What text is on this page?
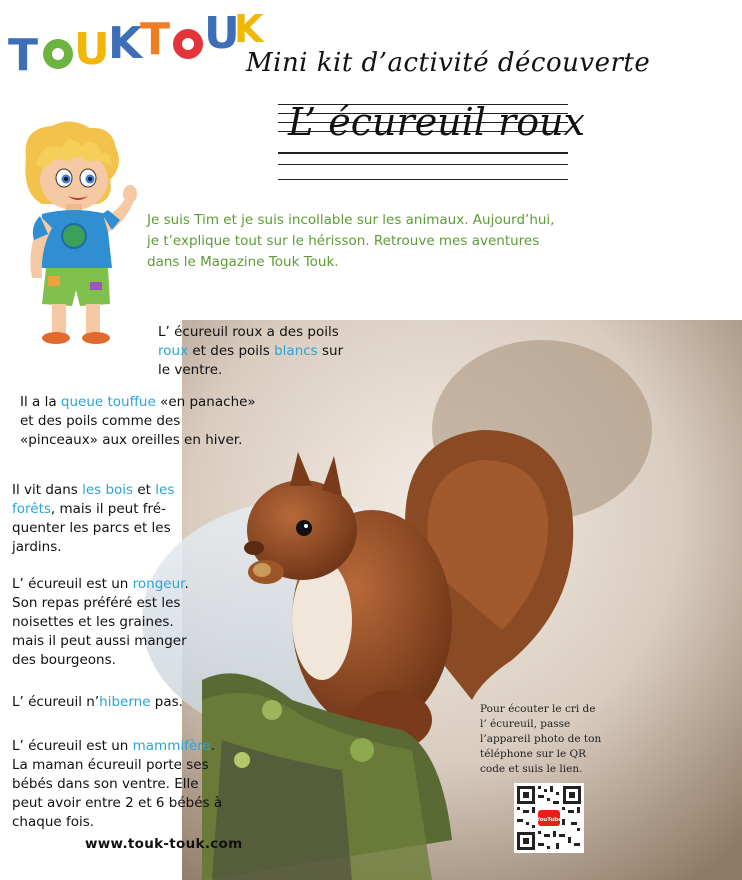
T U
K
T U
K
Mini kit d’activité découverte
L’ écureuil roux
Je suis Tim et je suis incollable sur les animaux. Aujourd’hui,
je t’explique tout sur le hérisson. Retrouve mes aventures
dans le Magazine Touk Touk.
L’ écureuil roux a des poils
roux et des poils blancs sur
le ventre.
Il a la queue touffue «en panache»
et des poils comme des
«pinceaux» aux oreilles en hiver.
Il vit dans les bois et les
forêts, mais il peut fré-
quenter les parcs et les
jardins.
L’ écureuil est un rongeur.
Son repas préféré est les
noisettes et les graines.
mais il peut aussi manger
des bourgeons.
L’ écureuil n’hiberne pas.
L’ écureuil est un mammifère.
La maman écureuil porte ses
bébés dans son ventre. Elle
peut avoir entre 2 et 6 bébés à
chaque fois.
Pour écouter le cri de
l’ écureuil, passe
l’appareil photo de ton
téléphone sur le QR
code et suis le lien.
YouTube
www.touk-touk.com
